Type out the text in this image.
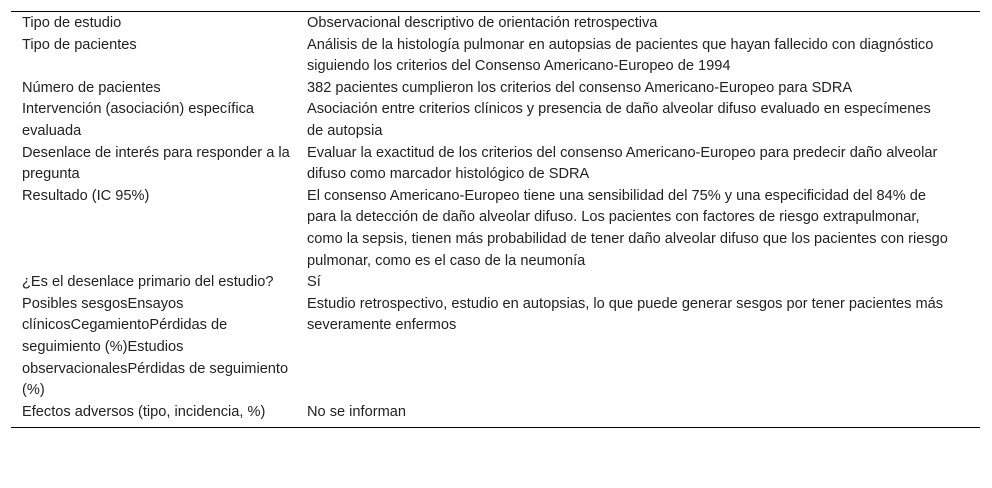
Tipo de estudio	Observacional descriptivo de orientación retrospectiva
Tipo de pacientes	Análisis de la histología pulmonar en autopsias de pacientes que hayan fallecido con diagnóstico siguiendo los criterios del Consenso Americano-Europeo de 1994
Número de pacientes	382 pacientes cumplieron los criterios del consenso Americano-Europeo para SDRA
Intervención (asociación) específica evaluada	Asociación entre criterios clínicos y presencia de daño alveolar difuso evaluado en especímenes de autopsia
Desenlace de interés para responder a la pregunta	Evaluar la exactitud de los criterios del consenso Americano-Europeo para predecir daño alveolar difuso como marcador histológico de SDRA
Resultado (IC 95%)	El consenso Americano-Europeo tiene una sensibilidad del 75% y una especificidad del 84% de para la detección de daño alveolar difuso. Los pacientes con factores de riesgo extrapulmonar, como la sepsis, tienen más probabilidad de tener daño alveolar difuso que los pacientes con riesgo pulmonar, como es el caso de la neumonía
¿Es el desenlace primario del estudio?	Sí
Posibles sesgosEnsayos clínicosCegamientoPérdidas de seguimiento (%)Estudios observacionalesPérdidas de seguimiento (%)	Estudio retrospectivo, estudio en autopsias, lo que puede generar sesgos por tener pacientes más severamente enfermos
Efectos adversos (tipo, incidencia, %)	No se informan
